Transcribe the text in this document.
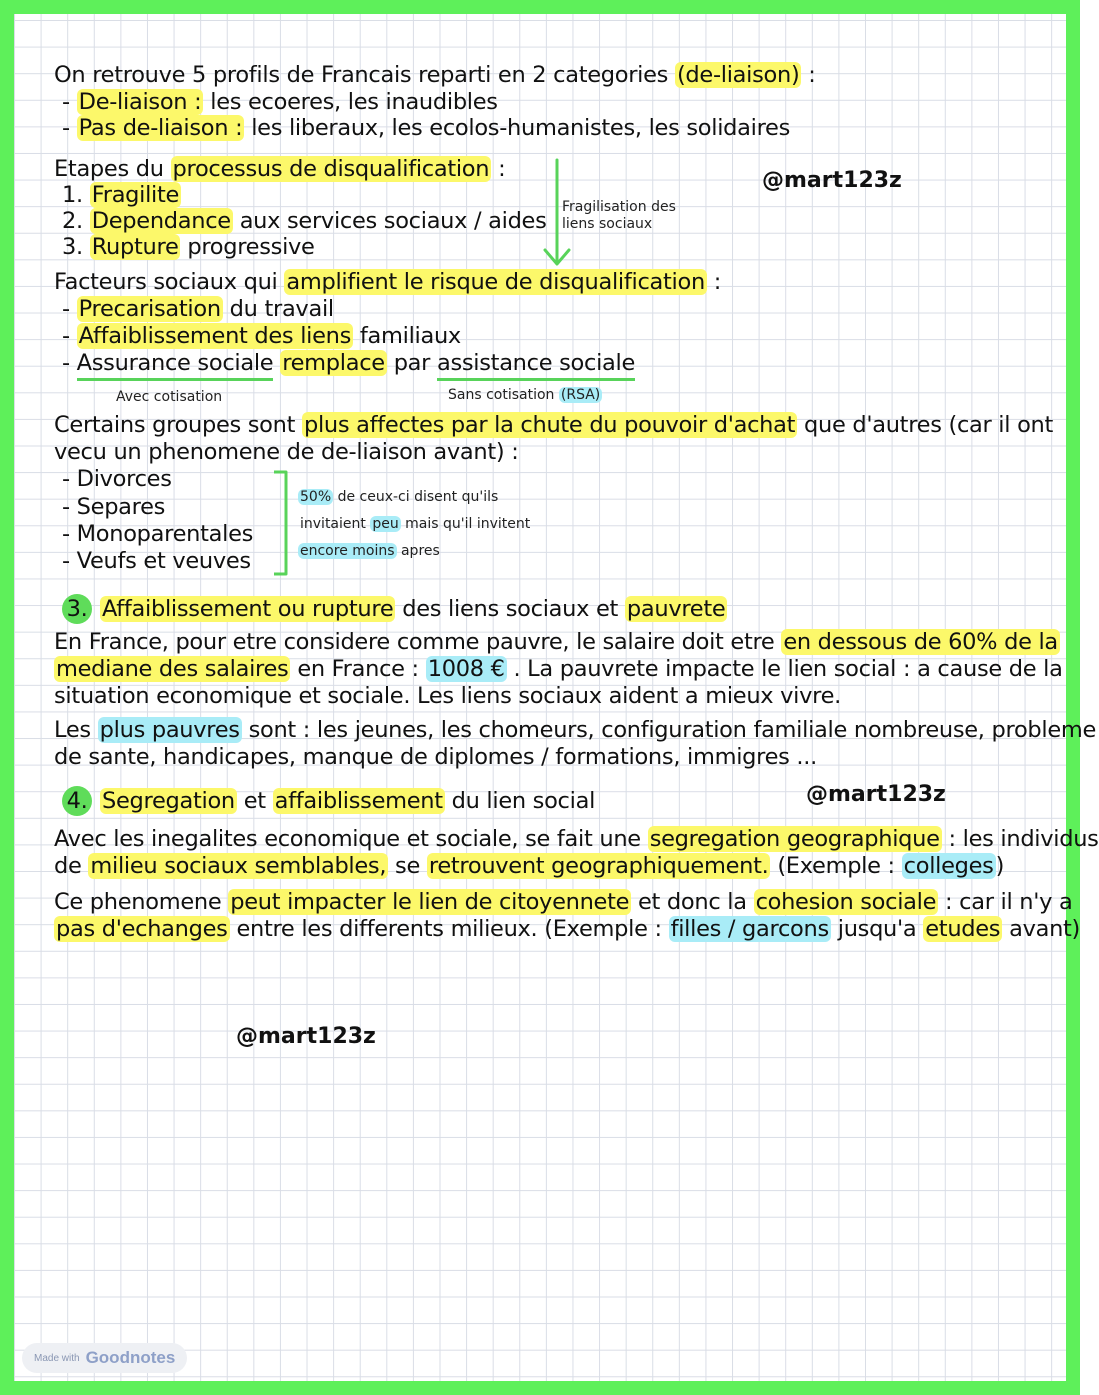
On retrouve 5 profils de Francais reparti en 2 categories (de-liaison) :
- De-liaison : les ecoeres, les inaudibles
- Pas de-liaison : les liberaux, les ecolos-humanistes, les solidaires
@mart123z
Etapes du processus de disqualification :
1. Fragilite
2. Dependance aux services sociaux / aides
3. Rupture progressive
Fragilisation des
liens sociaux
Facteurs sociaux qui amplifient le risque de disqualification :
- Precarisation du travail
- Affaiblissement des liens familiaux
- Assurance sociale remplace par assistance sociale
Avec cotisation	Sans cotisation (RSA)
Certains groupes sont plus affectes par la chute du pouvoir d'achat que d'autres (car il ont
vecu un phenomene de de-liaison avant) :
- Divorces
- Separes
- Monoparentales
- Veufs et veuves
50% de ceux-ci disent qu'ils
invitaient peu mais qu'il invitent
encore moins apres
3. Affaiblissement ou rupture des liens sociaux et pauvrete
En France, pour etre considere comme pauvre, le salaire doit etre en dessous de 60% de la
mediane des salaires en France : 1008 € . La pauvrete impacte le lien social : a cause de la
situation economique et sociale. Les liens sociaux aident a mieux vivre.
Les plus pauvres sont : les jeunes, les chomeurs, configuration familiale nombreuse, probleme
de sante, handicapes, manque de diplomes / formations, immigres ...
@mart123z
4. Segregation et affaiblissement du lien social
Avec les inegalites economique et sociale, se fait une segregation geographique : les individus
de milieu sociaux semblables, se retrouvent geographiquement. (Exemple : colleges)
Ce phenomene peut impacter le lien de citoyennete et donc la cohesion sociale : car il n'y a
pas d'echanges entre les differents milieux. (Exemple : filles / garcons jusqu'a etudes avant)
@mart123z
Made with Goodnotes
